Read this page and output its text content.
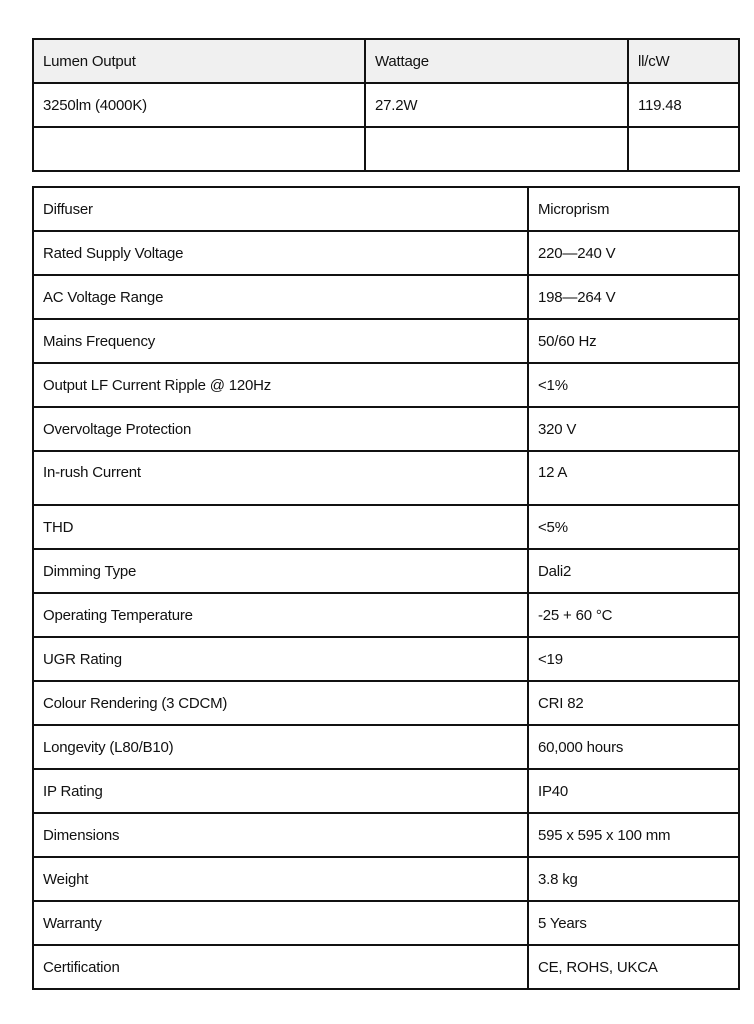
Lumen Output	Wattage	ll/cW
3250lm (4000K)	27.2W	119.48

Diffuser	Microprism
Rated Supply Voltage	220—240 V
AC Voltage Range	198—264 V
Mains Frequency	50/60 Hz
Output LF Current Ripple @ 120Hz	<1%
Overvoltage Protection	320 V
In-rush Current	12 A
THD	<5%
Dimming Type	Dali2
Operating Temperature	-25 + 60 °C
UGR Rating	<19
Colour Rendering (3 CDCM)	CRI 82
Longevity (L80/B10)	60,000 hours
IP Rating	IP40
Dimensions	595 x 595 x 100 mm
Weight	3.8 kg
Warranty	5 Years
Certification	CE, ROHS, UKCA
